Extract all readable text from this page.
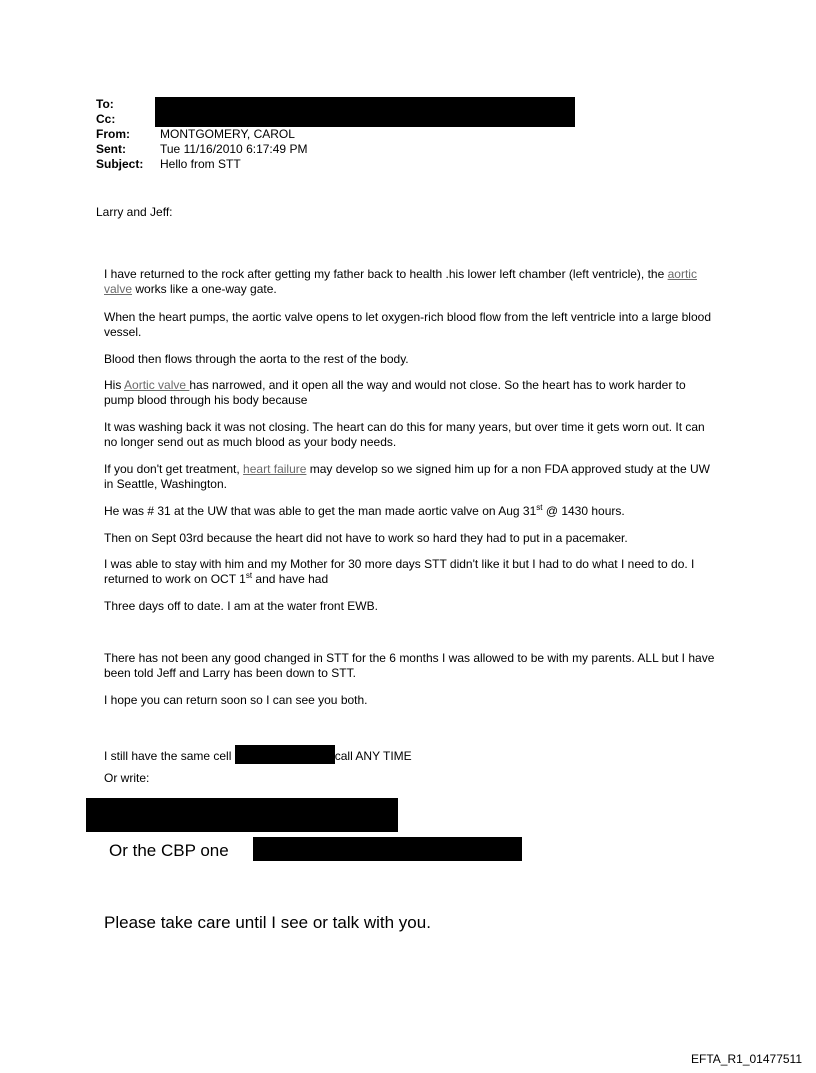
To:
Cc:
From:	MONTGOMERY, CAROL
Sent:	Tue 11/16/2010 6:17:49 PM
Subject: Hello from STT
Larry and Jeff:
I have returned to the rock after getting my father back to health .his lower left chamber (left ventricle), the aortic valve works like a one-way gate.
When the heart pumps, the aortic valve opens to let oxygen-rich blood flow from the left ventricle into a large blood vessel.
Blood then flows through the aorta to the rest of the body.
His Aortic valve has narrowed, and it open all the way and would not close. So the heart has to work harder to pump blood through his body because
It was washing back it was not closing. The heart can do this for many years, but over time it gets worn out. It can no longer send out as much blood as your body needs.
If you don't get treatment, heart failure may develop so we signed him up for a non FDA approved study at the UW in Seattle, Washington.
He was # 31 at the UW that was able to get the man made aortic valve on Aug 31st @ 1430 hours.
Then on Sept 03rd because the heart did not have to work so hard they had to put in a pacemaker.
I was able to stay with him and my Mother for 30 more days STT didn't like it but I had to do what I need to do. I returned to work on OCT 1st and have had
Three days off to date. I am at the water front EWB.
There has not been any good changed in STT for the 6 months I was allowed to be with my parents. ALL but I have been told Jeff and Larry has been down to STT.
I hope you can return soon so I can see you both.
I still have the same cell	call ANY TIME
Or write:
Or the CBP one
Please take care until I see or talk with you.
EFTA_R1_01477511
